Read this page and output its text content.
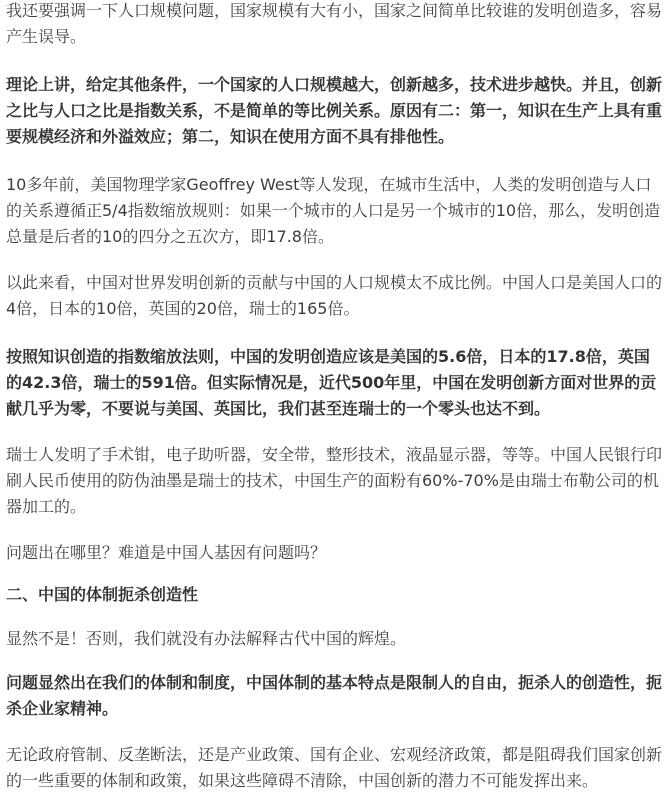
我还要强调一下人口规模问题，国家规模有大有小，国家之间简单比较谁的发明创造多，容易产生误导。

理论上讲，给定其他条件，一个国家的人口规模越大，创新越多，技术进步越快。并且，创新之比与人口之比是指数关系，不是简单的等比例关系。原因有二：第一，知识在生产上具有重要规模经济和外溢效应；第二，知识在使用方面不具有排他性。

10多年前，美国物理学家Geoffrey West等人发现，在城市生活中，人类的发明创造与人口的关系遵循正5/4指数缩放规则：如果一个城市的人口是另一个城市的10倍，那么，发明创造总量是后者的10的四分之五次方，即17.8倍。

以此来看，中国对世界发明创新的贡献与中国的人口规模太不成比例。中国人口是美国人口的4倍，日本的10倍，英国的20倍，瑞士的165倍。

按照知识创造的指数缩放法则，中国的发明创造应该是美国的5.6倍，日本的17.8倍，英国的42.3倍，瑞士的591倍。但实际情况是，近代500年里，中国在发明创新方面对世界的贡献几乎为零，不要说与美国、英国比，我们甚至连瑞士的一个零头也达不到。

瑞士人发明了手术钳，电子助听器，安全带，整形技术，液晶显示器，等等。中国人民银行印刷人民币使用的防伪油墨是瑞士的技术，中国生产的面粉有60%-70%是由瑞士布勒公司的机器加工的。

问题出在哪里？难道是中国人基因有问题吗？

二、中国的体制扼杀创造性

显然不是！否则，我们就没有办法解释古代中国的辉煌。

问题显然出在我们的体制和制度，中国体制的基本特点是限制人的自由，扼杀人的创造性，扼杀企业家精神。

无论政府管制、反垄断法，还是产业政策、国有企业、宏观经济政策，都是阻碍我们国家创新的一些重要的体制和政策，如果这些障碍不清除，中国创新的潜力不可能发挥出来。
